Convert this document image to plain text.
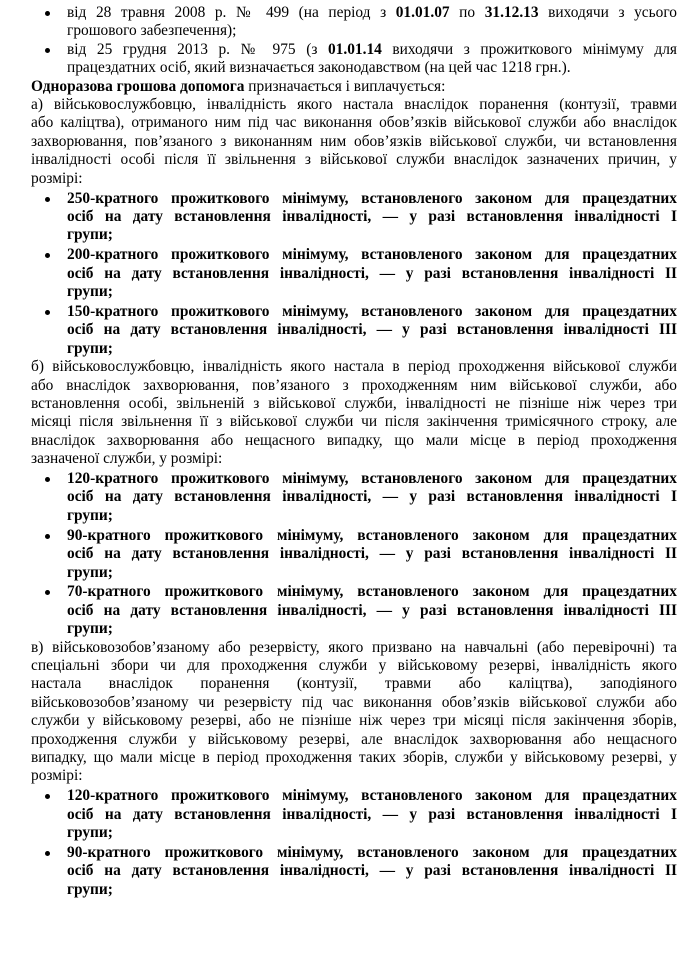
від 28 травня 2008 р. № 499 (на період з 01.01.07 по 31.12.13 виходячи з усього
грошового забезпечення);
від 25 грудня 2013 р. № 975 (з 01.01.14 виходячи з прожиткового мінімуму для
працездатних осіб, який визначається законодавством (на цей час 1218 грн.).
Одноразова грошова допомога призначається і виплачується:
а) військовослужбовцю, інвалідність якого настала внаслідок поранення (контузії, травми
або каліцтва), отриманого ним під час виконання обов’язків військової служби або внаслідок
захворювання, пов’язаного з виконанням ним обов’язків військової служби, чи встановлення
інвалідності особі після її звільнення з військової служби внаслідок зазначених причин, у
розмірі:
250-кратного прожиткового мінімуму, встановленого законом для працездатних
осіб на дату встановлення інвалідності, — у разі встановлення інвалідності І
групи;
200-кратного прожиткового мінімуму, встановленого законом для працездатних
осіб на дату встановлення інвалідності, — у разі встановлення інвалідності ІІ
групи;
150-кратного прожиткового мінімуму, встановленого законом для працездатних
осіб на дату встановлення інвалідності, — у разі встановлення інвалідності ІІІ
групи;
б) військовослужбовцю, інвалідність якого настала в період проходження військової служби
або внаслідок захворювання, пов’язаного з проходженням ним військової служби, або
встановлення особі, звільненій з військової служби, інвалідності не пізніше ніж через три
місяці після звільнення її з військової служби чи після закінчення тримісячного строку, але
внаслідок захворювання або нещасного випадку, що мали місце в період проходження
зазначеної служби, у розмірі:
120-кратного прожиткового мінімуму, встановленого законом для працездатних
осіб на дату встановлення інвалідності, — у разі встановлення інвалідності І
групи;
90-кратного прожиткового мінімуму, встановленого законом для працездатних
осіб на дату встановлення інвалідності, — у разі встановлення інвалідності ІІ
групи;
70-кратного прожиткового мінімуму, встановленого законом для працездатних
осіб на дату встановлення інвалідності, — у разі встановлення інвалідності ІІІ
групи;
в) військовозобов’язаному або резервісту, якого призвано на навчальні (або перевірочні) та
спеціальні збори чи для проходження служби у військовому резерві, інвалідність якого
настала внаслідок поранення (контузії, травми або каліцтва), заподіяного
військовозобов’язаному чи резервісту під час виконання обов’язків військової служби або
служби у військовому резерві, або не пізніше ніж через три місяці після закінчення зборів,
проходження служби у військовому резерві, але внаслідок захворювання або нещасного
випадку, що мали місце в період проходження таких зборів, служби у військовому резерві, у
розмірі:
120-кратного прожиткового мінімуму, встановленого законом для працездатних
осіб на дату встановлення інвалідності, — у разі встановлення інвалідності І
групи;
90-кратного прожиткового мінімуму, встановленого законом для працездатних
осіб на дату встановлення інвалідності, — у разі встановлення інвалідності ІІ
групи;
